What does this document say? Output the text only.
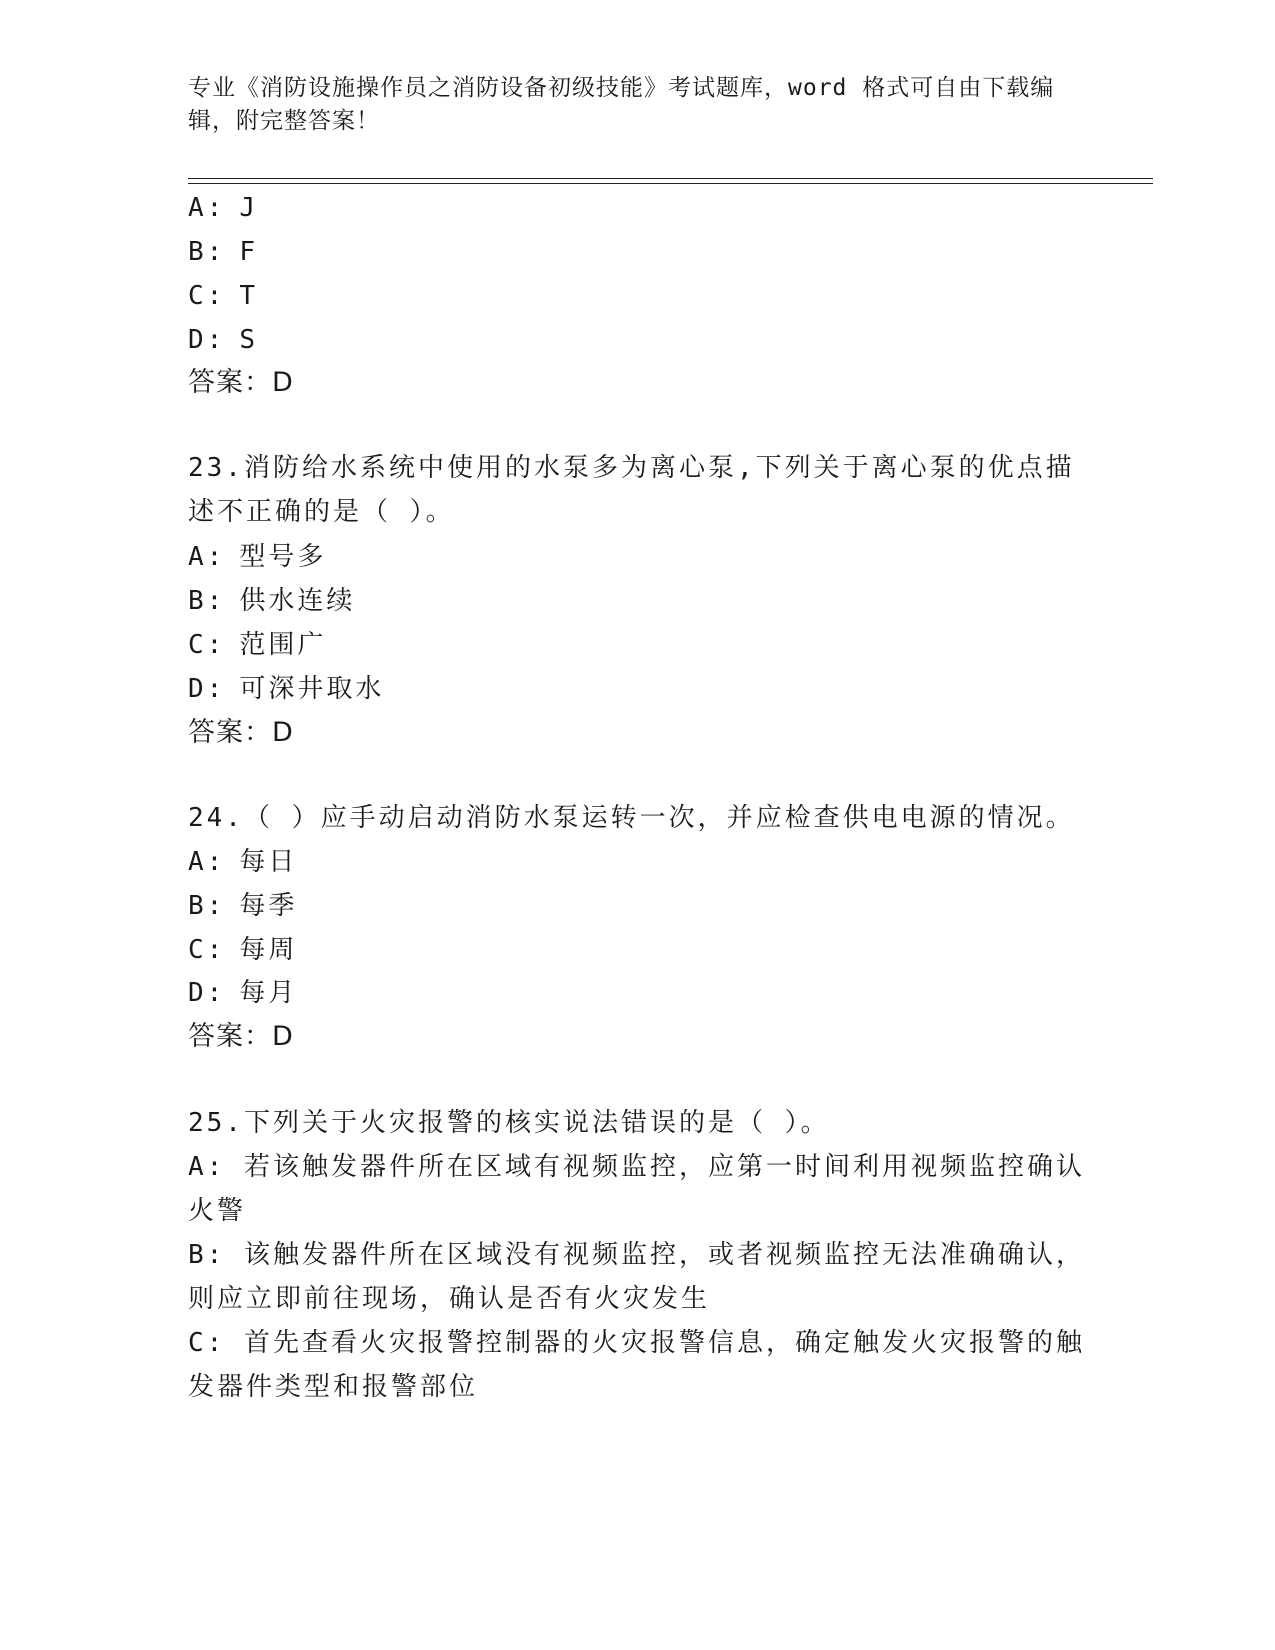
专业《消防设施操作员之消防设备初级技能》考试题库，word 格式可自由下载编
辑，附完整答案！
A: J
B: F
C: T
D: S
答案：D
23.消防给水系统中使用的水泵多为离心泵,下列关于离心泵的优点描
述不正确的是（ ）。
A: 型号多
B: 供水连续
C: 范围广
D: 可深井取水
答案：D
24.（ ）应手动启动消防水泵运转一次，并应检查供电电源的情况。
A: 每日
B: 每季
C: 每周
D: 每月
答案：D
25.下列关于火灾报警的核实说法错误的是（ ）。
A: 若该触发器件所在区域有视频监控，应第一时间利用视频监控确认
火警
B: 该触发器件所在区域没有视频监控，或者视频监控无法准确确认，
则应立即前往现场，确认是否有火灾发生
C: 首先查看火灾报警控制器的火灾报警信息，确定触发火灾报警的触
发器件类型和报警部位
